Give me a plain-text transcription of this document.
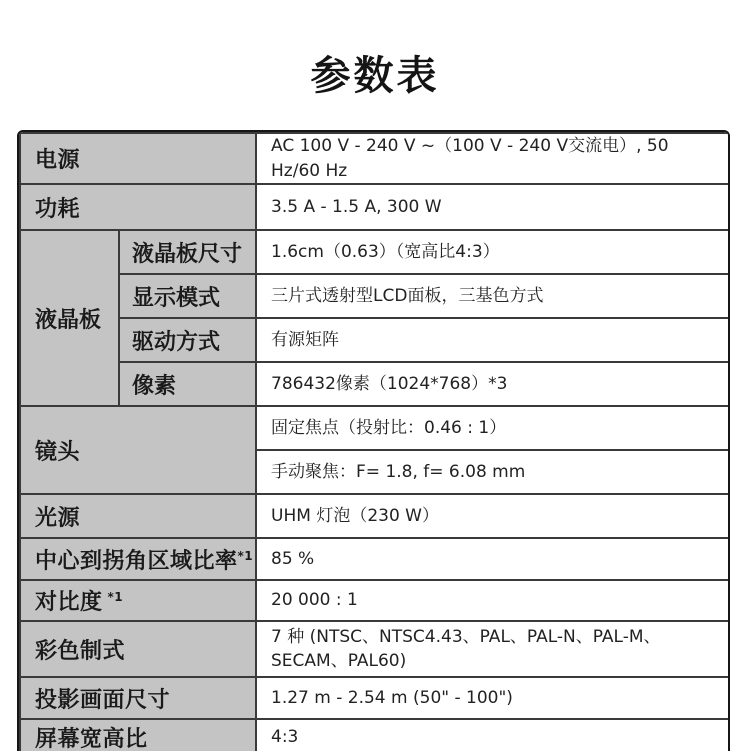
参数表
电源		AC 100 V - 240 V ~（100 V - 240 V交流电）, 50 Hz/60 Hz
功耗		3.5 A - 1.5 A, 300 W
液晶板	液晶板尺寸	1.6cm（0.63）（宽高比4:3）
	显示模式	三片式透射型LCD面板，三基色方式
	驱动方式	有源矩阵
	像素	786432像素（1024*768）*3
镜头		固定焦点（投射比：0.46 : 1）
		手动聚焦：F= 1.8, f= 6.08 mm
光源		UHM 灯泡（230 W）
中心到拐角区域比率$^{*1}$		85 %
对比度 $^{*1}$		20 000 : 1
彩色制式		7 种 (NTSC、NTSC4.43、PAL、PAL-N、PAL-M、SECAM、PAL60)
投影画面尺寸		1.27 m - 2.54 m (50" - 100")
屏幕宽高比		4:3
